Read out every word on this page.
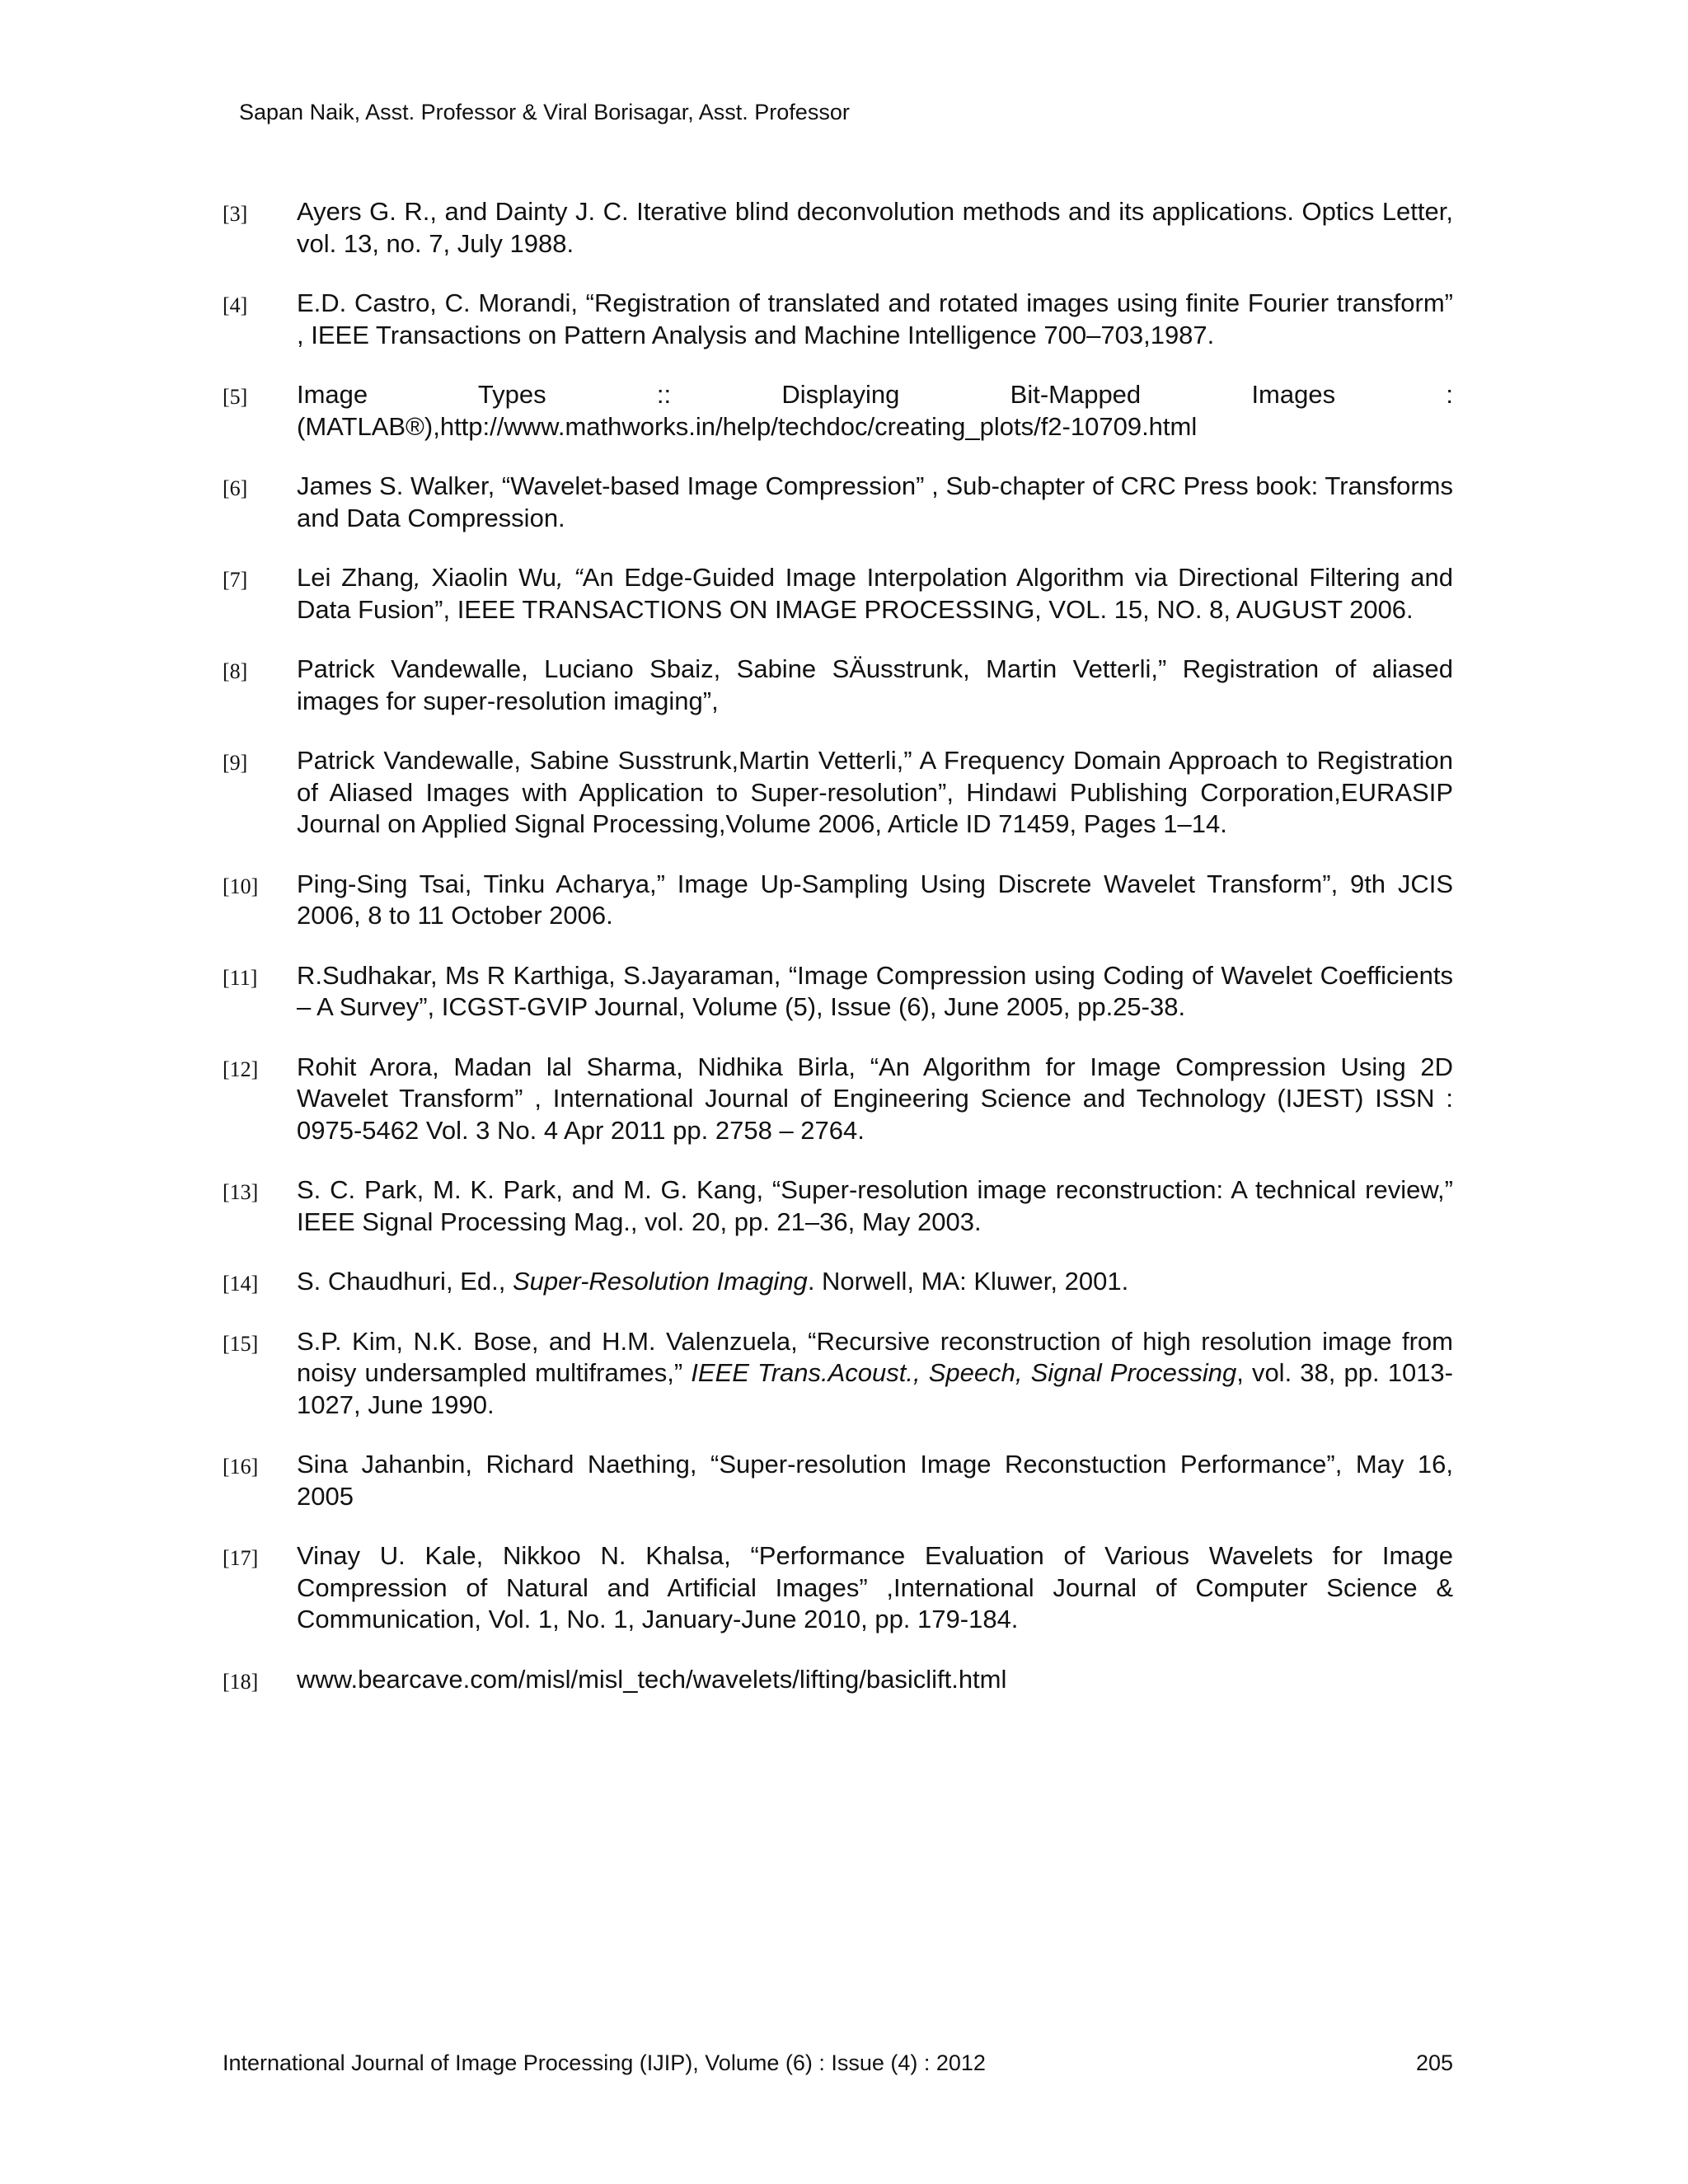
Sapan Naik, Asst. Professor & Viral Borisagar, Asst. Professor
[3] Ayers G. R., and Dainty J. C. Iterative blind deconvolution methods and its applications. Optics Letter, vol. 13, no. 7, July 1988.
[4] E.D. Castro, C. Morandi, “Registration of translated and rotated images using finite Fourier transform” , IEEE Transactions on Pattern Analysis and Machine Intelligence 700–703,1987.
[5] Image Types :: Displaying Bit-Mapped Images :
(MATLAB®),http://www.mathworks.in/help/techdoc/creating_plots/f2-10709.html
[6] James S. Walker, “Wavelet-based Image Compression” , Sub-chapter of CRC Press book: Transforms and Data Compression.
[7] Lei Zhang, Xiaolin Wu, “An Edge-Guided Image Interpolation Algorithm via Directional Filtering and Data Fusion”, IEEE TRANSACTIONS ON IMAGE PROCESSING, VOL. 15, NO. 8, AUGUST 2006.
[8] Patrick Vandewalle, Luciano Sbaiz, Sabine SÄusstrunk, Martin Vetterli,” Registration of aliased images for super-resolution imaging”,
[9] Patrick Vandewalle, Sabine Susstrunk,Martin Vetterli,” A Frequency Domain Approach to Registration of Aliased Images with Application to Super-resolution”, Hindawi Publishing Corporation,EURASIP Journal on Applied Signal Processing,Volume 2006, Article ID 71459, Pages 1–14.
[10] Ping-Sing Tsai, Tinku Acharya,” Image Up-Sampling Using Discrete Wavelet Transform”, 9th JCIS 2006, 8 to 11 October 2006.
[11] R.Sudhakar, Ms R Karthiga, S.Jayaraman, “Image Compression using Coding of Wavelet Coefficients – A Survey”, ICGST-GVIP Journal, Volume (5), Issue (6), June 2005, pp.25-38.
[12] Rohit Arora, Madan lal Sharma, Nidhika Birla, “An Algorithm for Image Compression Using 2D Wavelet Transform” , International Journal of Engineering Science and Technology (IJEST) ISSN : 0975-5462 Vol. 3 No. 4 Apr 2011 pp. 2758 – 2764.
[13] S. C. Park, M. K. Park, and M. G. Kang, “Super-resolution image reconstruction: A technical review,” IEEE Signal Processing Mag., vol. 20, pp. 21–36, May 2003.
[14] S. Chaudhuri, Ed., Super-Resolution Imaging. Norwell, MA: Kluwer, 2001.
[15] S.P. Kim, N.K. Bose, and H.M. Valenzuela, “Recursive reconstruction of high resolution image from noisy undersampled multiframes,” IEEE Trans.Acoust., Speech, Signal Processing, vol. 38, pp. 1013-1027, June 1990.
[16] Sina Jahanbin, Richard Naething, “Super-resolution Image Reconstuction Performance”, May 16, 2005
[17] Vinay U. Kale, Nikkoo N. Khalsa, “Performance Evaluation of Various Wavelets for Image Compression of Natural and Artificial Images” ,International Journal of Computer Science & Communication, Vol. 1, No. 1, January-June 2010, pp. 179-184.
[18] www.bearcave.com/misl/misl_tech/wavelets/lifting/basiclift.html
International Journal of Image Processing (IJIP), Volume (6) : Issue (4) : 2012	205
